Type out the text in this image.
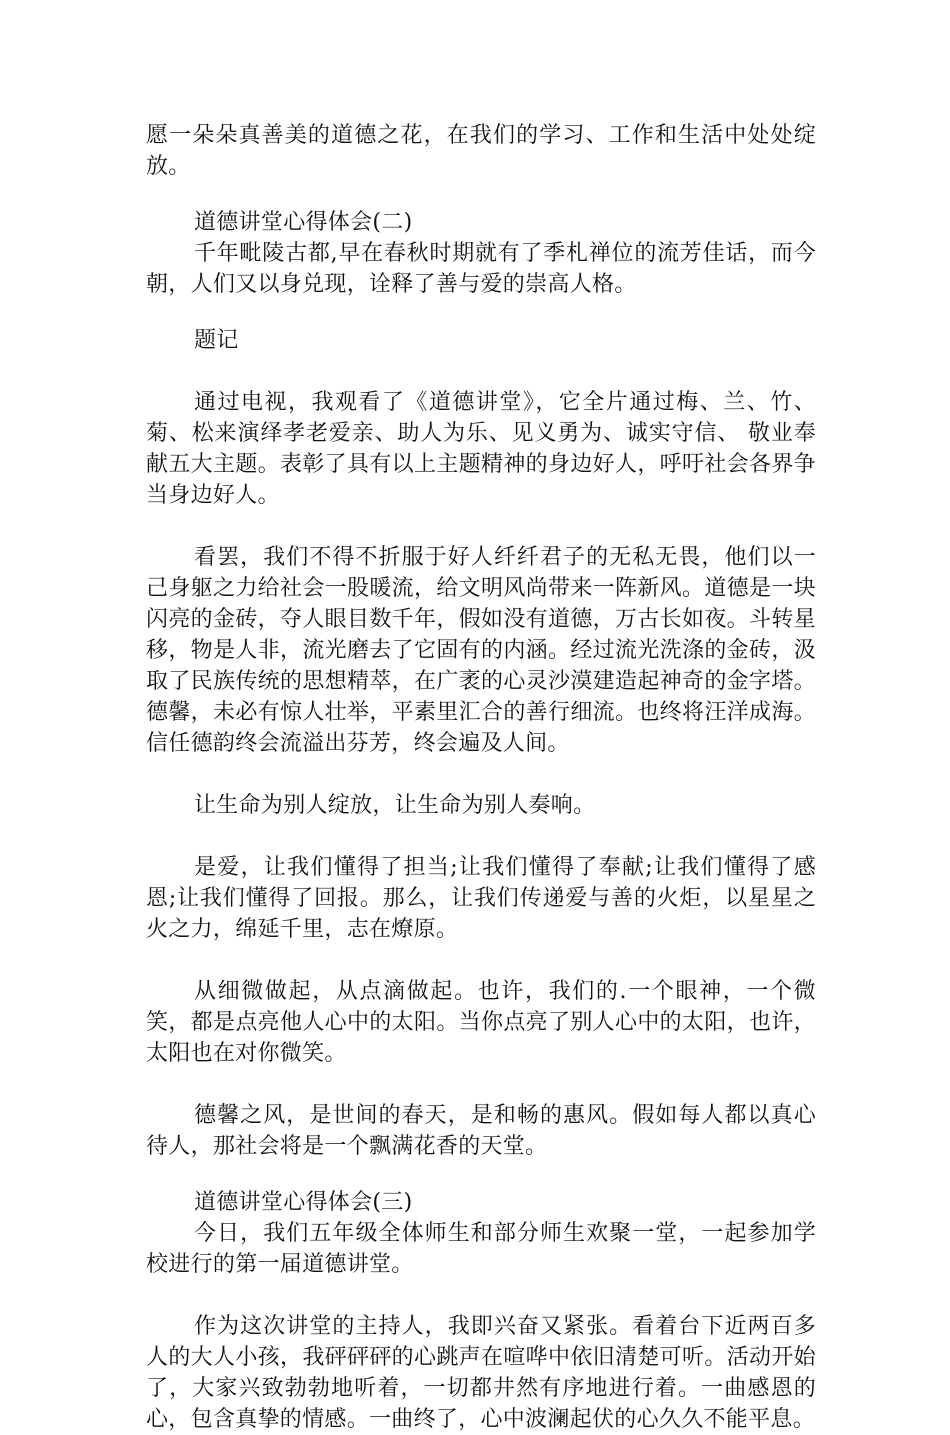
愿一朵朵真善美的道德之花，在我们的学习、工作和生活中处处绽放。

道德讲堂心得体会(二)

千年毗陵古都,早在春秋时期就有了季札禅位的流芳佳话，而今朝，人们又以身兑现，诠释了善与爱的崇高人格。

题记

通过电视，我观看了《道德讲堂》，它全片通过梅、兰、竹、菊、松来演绎孝老爱亲、助人为乐、见义勇为、诚实守信、 敬业奉献五大主题。表彰了具有以上主题精神的身边好人，呼吁社会各界争当身边好人。

看罢，我们不得不折服于好人纤纤君子的无私无畏，他们以一己身躯之力给社会一股暖流，给文明风尚带来一阵新风。道德是一块闪亮的金砖，夺人眼目数千年，假如没有道德，万古长如夜。斗转星移，物是人非，流光磨去了它固有的内涵。经过流光洗涤的金砖，汲取了民族传统的思想精萃，在广袤的心灵沙漠建造起神奇的金字塔。德馨，未必有惊人壮举，平素里汇合的善行细流。也终将汪洋成海。信任德韵终会流溢出芬芳，终会遍及人间。

让生命为别人绽放，让生命为别人奏响。

是爱，让我们懂得了担当;让我们懂得了奉献;让我们懂得了感恩;让我们懂得了回报。那么，让我们传递爱与善的火炬，以星星之火之力，绵延千里，志在燎原。

从细微做起，从点滴做起。也许，我们的.一个眼神，一个微笑，都是点亮他人心中的太阳。当你点亮了别人心中的太阳，也许，太阳也在对你微笑。

德馨之风，是世间的春天，是和畅的惠风。假如每人都以真心待人，那社会将是一个飘满花香的天堂。

道德讲堂心得体会(三)

今日，我们五年级全体师生和部分师生欢聚一堂，一起参加学校进行的第一届道德讲堂。

作为这次讲堂的主持人，我即兴奋又紧张。看着台下近两百多人的大人小孩，我砰砰砰的心跳声在喧哗中依旧清楚可听。活动开始了，大家兴致勃勃地听着，一切都井然有序地进行着。一曲感恩的心，包含真挚的情感。一曲终了，心中波澜起伏的心久久不能平息。
